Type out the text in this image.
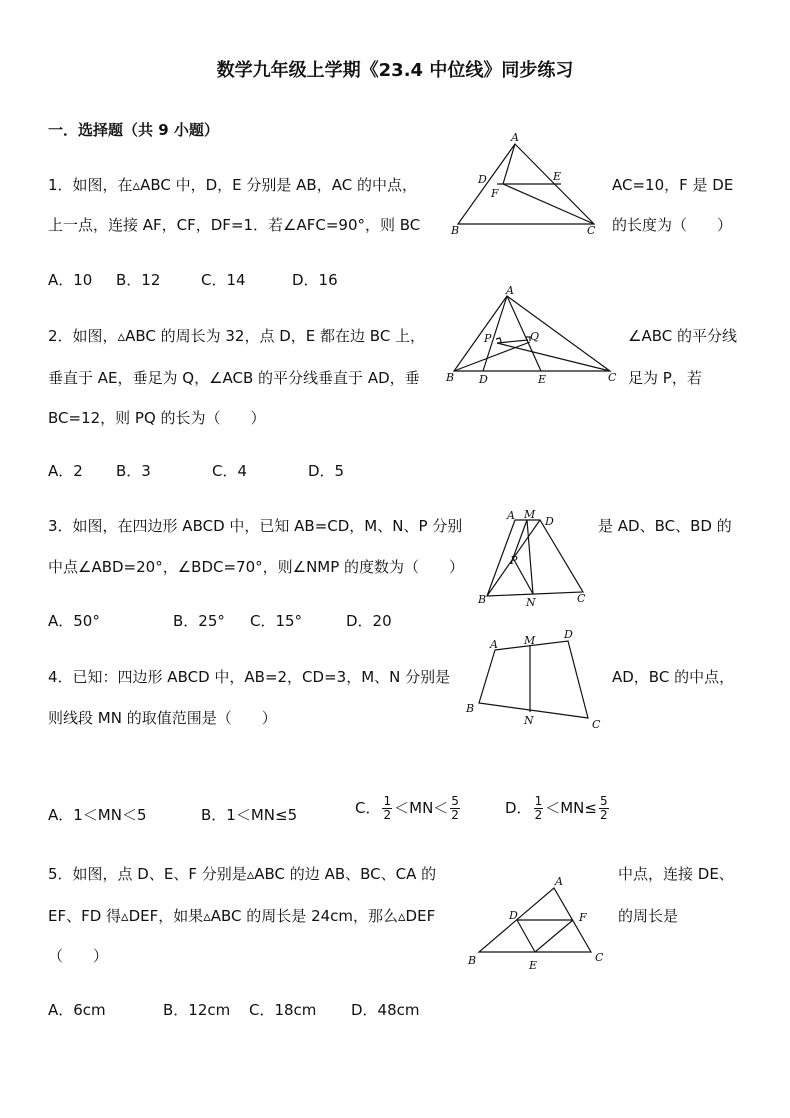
数学九年级上学期《23.4 中位线》同步练习
一．选择题（共 9 小题）
1．如图，在▵ABC 中，D，E 分别是 AB，AC 的中点，	AC=10，F 是 DE
上一点，连接 AF，CF，DF=1．若∠AFC=90°，则 BC	的长度为（　　）
A．10 B．12	C．14	D．16
A
D	E
F
B	C
2．如图，▵ABC 的周长为 32，点 D，E 都在边 BC 上，	∠ABC 的平分线
垂直于 AE，垂足为 Q，∠ACB 的平分线垂直于 AD，垂	足为 P，若
BC=12，则 PQ 的长为（　　）
A．2 B．3	C．4	D．5
A
P	Q
B D	E	C
3．如图，在四边形 ABCD 中，已知 AB=CD，M、N、P 分别	是 AD、BC、BD 的
中点∠ABD=20°，∠BDC=70°，则∠NMP 的度数为（　　）
A．50°	B．25° C．15°	D．20
A M
D
P
B	N	C
4．已知：四边形 ABCD 中，AB=2，CD=3，M、N 分别是	AD，BC 的中点，
则线段 MN 的取值范围是（　　）
A．1＜MN＜5	B．1＜MN≤5	C． $\frac{1}{2} <MN< \frac{5}{2}$	D． $\frac{1}{2} <MN\le \frac{5}{2}$
A M	D
B
N	C
5．如图，点 D、E、F 分别是▵ABC 的边 AB、BC、CA 的	中点，连接 DE、
EF、FD 得▵DEF，如果▵ABC 的周长是 24cm，那么▵DEF	的周长是
（　　）
A．6cm	B．12cm C．18cm D．48cm
A
D	F
B	E
C
